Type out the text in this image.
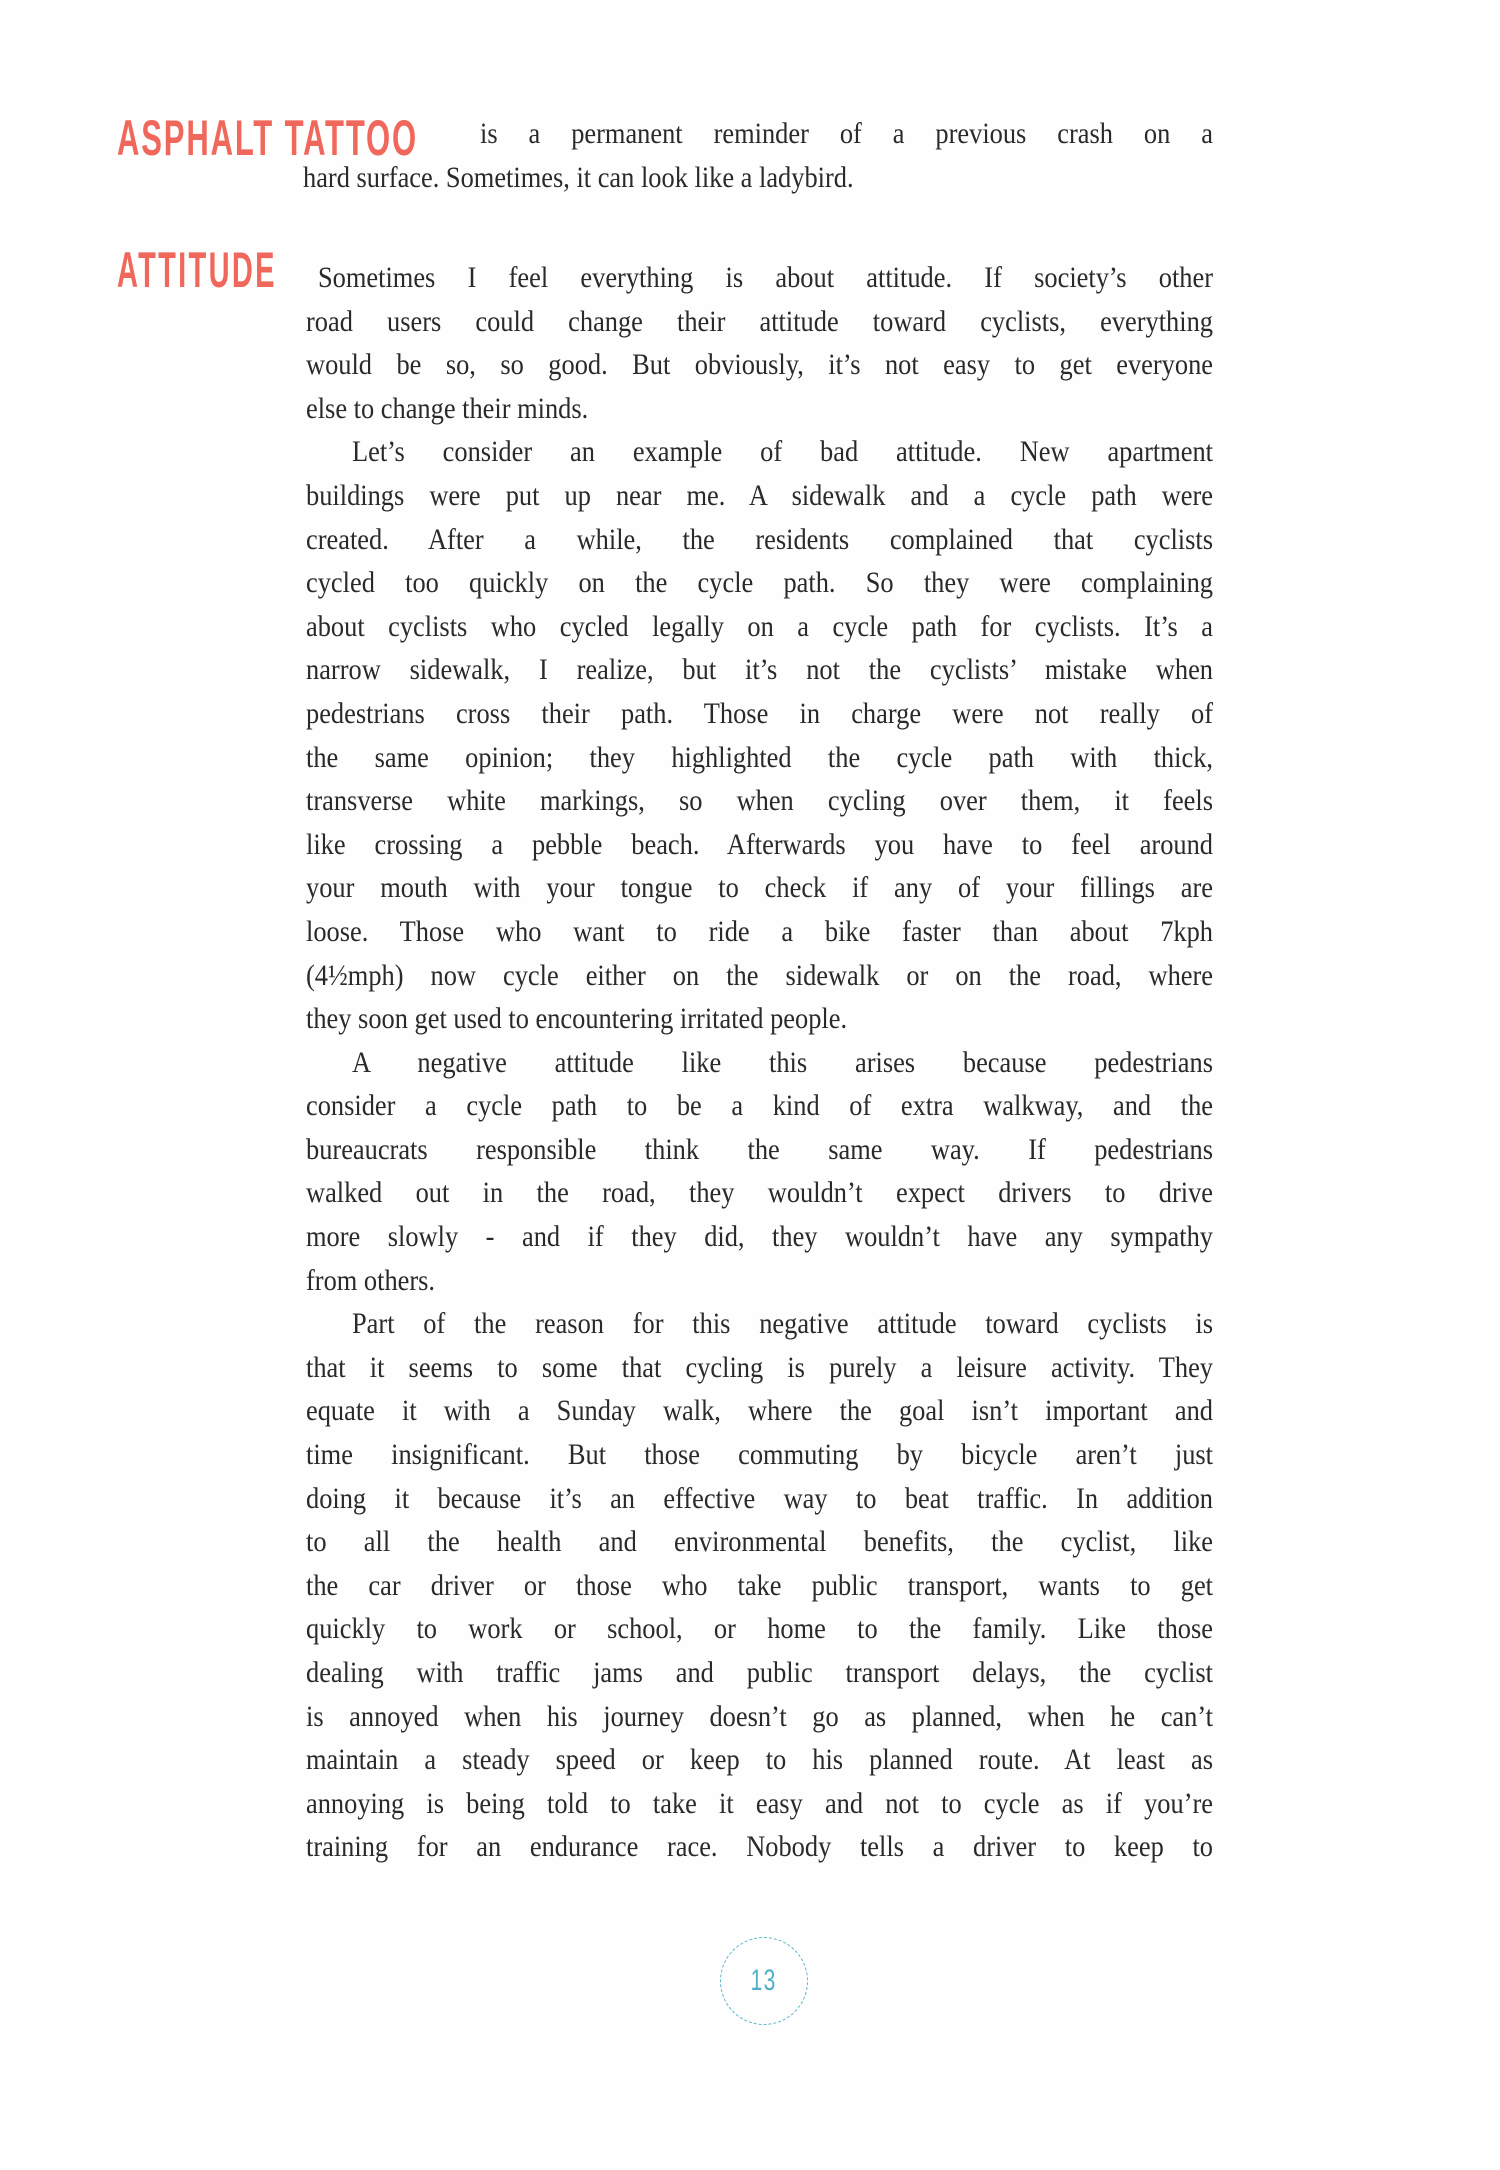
ASPHALT TATTOO	is a permanent reminder of a previous crash on a
hard surface. Sometimes, it can look like a ladybird.
ATTITUDE	Sometimes I feel everything is about attitude. If society’s other
road users could change their attitude toward cyclists, everything
would be so, so good. But obviously, it’s not easy to get everyone
else to change their minds.
Let’s consider an example of bad attitude. New apartment
buildings were put up near me. A sidewalk and a cycle path were
created. After a while, the residents complained that cyclists
cycled too quickly on the cycle path. So they were complaining
about cyclists who cycled legally on a cycle path for cyclists. It’s a
narrow sidewalk, I realize, but it’s not the cyclists’ mistake when
pedestrians cross their path. Those in charge were not really of
the same opinion; they highlighted the cycle path with thick,
transverse white markings, so when cycling over them, it feels
like crossing a pebble beach. Afterwards you have to feel around
your mouth with your tongue to check if any of your fillings are
loose. Those who want to ride a bike faster than about 7kph
(4½mph) now cycle either on the sidewalk or on the road, where
they soon get used to encountering irritated people.
A negative attitude like this arises because pedestrians
consider a cycle path to be a kind of extra walkway, and the
bureaucrats responsible think the same way. If pedestrians
walked out in the road, they wouldn’t expect drivers to drive
more slowly - and if they did, they wouldn’t have any sympathy
from others.
Part of the reason for this negative attitude toward cyclists is
that it seems to some that cycling is purely a leisure activity. They
equate it with a Sunday walk, where the goal isn’t important and
time insignificant. But those commuting by bicycle aren’t just
doing it because it’s an effective way to beat traffic. In addition
to all the health and environmental benefits, the cyclist, like
the car driver or those who take public transport, wants to get
quickly to work or school, or home to the family. Like those
dealing with traffic jams and public transport delays, the cyclist
is annoyed when his journey doesn’t go as planned, when he can’t
maintain a steady speed or keep to his planned route. At least as
annoying is being told to take it easy and not to cycle as if you’re
training for an endurance race. Nobody tells a driver to keep to
13
